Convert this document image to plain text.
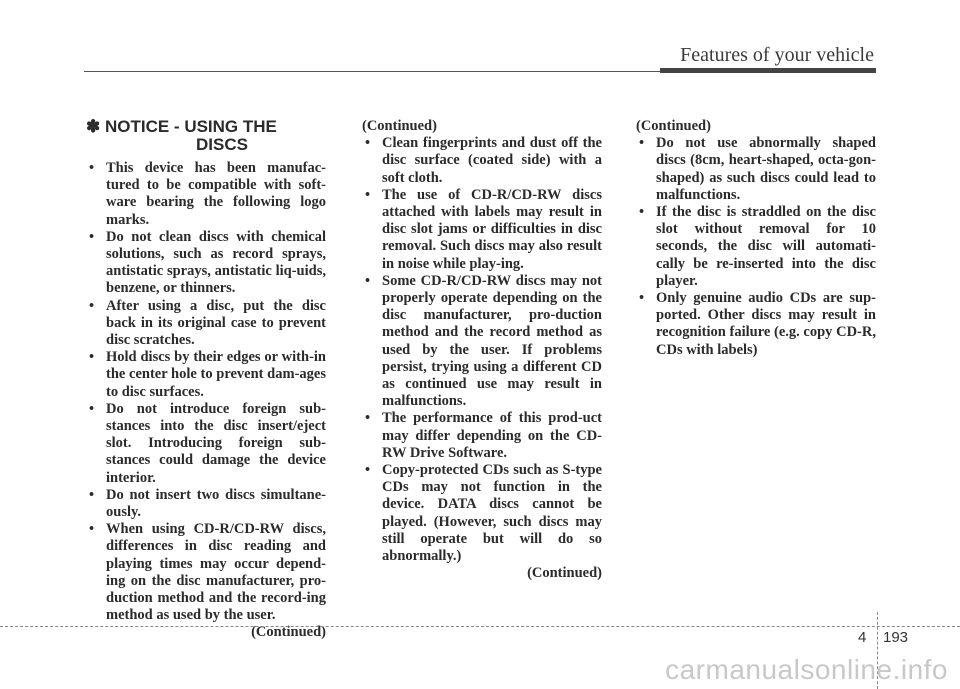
Features of your vehicle
✽ NOTICE - USING THE
DISCS
• This device has been manufac-tured to be compatible with soft-ware bearing the following logo marks.
• Do not clean discs with chemical solutions, such as record sprays, antistatic sprays, antistatic liq-uids, benzene, or thinners.
• After using a disc, put the disc back in its original case to prevent disc scratches.
• Hold discs by their edges or with-in the center hole to prevent dam-ages to disc surfaces.
• Do not introduce foreign sub-stances into the disc insert/eject slot. Introducing foreign sub-stances could damage the device interior.
• Do not insert two discs simultane-ously.
• When using CD-R/CD-RW discs, differences in disc reading and playing times may occur depend-ing on the disc manufacturer, pro-duction method and the record-ing method as used by the user.

(Continued)

(Continued)

• Clean fingerprints and dust off the disc surface (coated side) with a soft cloth.
• The use of CD-R/CD-RW discs attached with labels may result in disc slot jams or difficulties in disc removal. Such discs may also result in noise while play-ing.
• Some CD-R/CD-RW discs may not properly operate depending on the disc manufacturer, pro-duction method and the record method as used by the user. If problems persist, trying using a different CD as continued use may result in malfunctions.
• The performance of this prod-uct may differ depending on the CD-RW Drive Software.
• Copy-protected CDs such as S-type CDs may not function in the device. DATA discs cannot be played. (However, such discs may still operate but will do so abnormally.)

(Continued)

(Continued)

• Do not use abnormally shaped discs (8cm, heart-shaped, octa-gon-shaped) as such discs could lead to malfunctions.
• If the disc is straddled on the disc slot without removal for 10 seconds, the disc will automati-cally be re-inserted into the disc player.
• Only genuine audio CDs are sup-ported. Other discs may result in recognition failure (e.g. copy CD-R, CDs with labels)
4 193
carmanualsonline.info
